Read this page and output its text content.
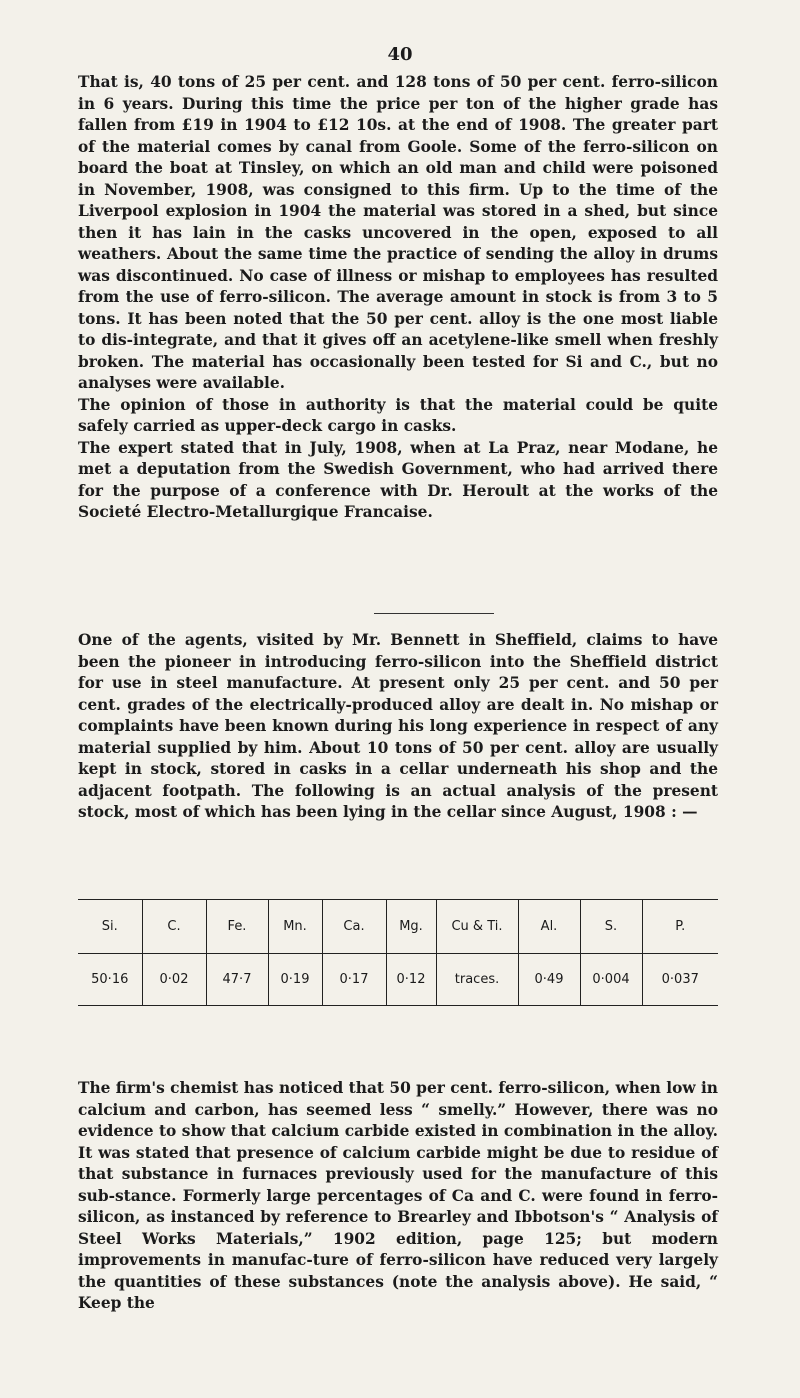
40

That is, 40 tons of 25 per cent. and 128 tons of 50 per cent. ferro-silicon in 6 years. During this time the price per ton of the higher grade has fallen from £19 in 1904 to £12 10s. at the end of 1908. The greater part of the material comes by canal from Goole. Some of the ferro-silicon on board the boat at Tinsley, on which an old man and child were poisoned in November, 1908, was consigned to this firm. Up to the time of the Liverpool explosion in 1904 the material was stored in a shed, but since then it has lain in the casks uncovered in the open, exposed to all weathers. About the same time the practice of sending the alloy in drums was discontinued. No case of illness or mishap to employees has resulted from the use of ferro-silicon. The average amount in stock is from 3 to 5 tons. It has been noted that the 50 per cent. alloy is the one most liable to dis-integrate, and that it gives off an acetylene-like smell when freshly broken. The material has occasionally been tested for Si and C., but no analyses were available.

The opinion of those in authority is that the material could be quite safely carried as upper-deck cargo in casks.

The expert stated that in July, 1908, when at La Praz, near Modane, he met a deputation from the Swedish Government, who had arrived there for the purpose of a conference with Dr. Heroult at the works of the Societé Electro-Metallurgique Francaise.

One of the agents, visited by Mr. Bennett in Sheffield, claims to have been the pioneer in introducing ferro-silicon into the Sheffield district for use in steel manufacture. At present only 25 per cent. and 50 per cent. grades of the electrically-produced alloy are dealt in. No mishap or complaints have been known during his long experience in respect of any material supplied by him. About 10 tons of 50 per cent. alloy are usually kept in stock, stored in casks in a cellar underneath his shop and the adjacent footpath. The following is an actual analysis of the present stock, most of which has been lying in the cellar since August, 1908 : —

Si.	C.	Fe.	Mn.	Ca.	Mg.	Cu & Ti.	Al.	S.	P.
50·16	0·02	47·7	0·19	0·17	0·12	traces.	0·49	0·004	0·037

The firm's chemist has noticed that 50 per cent. ferro-silicon, when low in calcium and carbon, has seemed less “ smelly.” However, there was no evidence to show that calcium carbide existed in combination in the alloy. It was stated that presence of calcium carbide might be due to residue of that substance in furnaces previously used for the manufacture of this sub-stance. Formerly large percentages of Ca and C. were found in ferro-silicon, as instanced by reference to Brearley and Ibbotson's “ Analysis of Steel Works Materials,” 1902 edition, page 125; but modern improvements in manufac-ture of ferro-silicon have reduced very largely the quantities of these substances (note the analysis above). He said, “ Keep the
